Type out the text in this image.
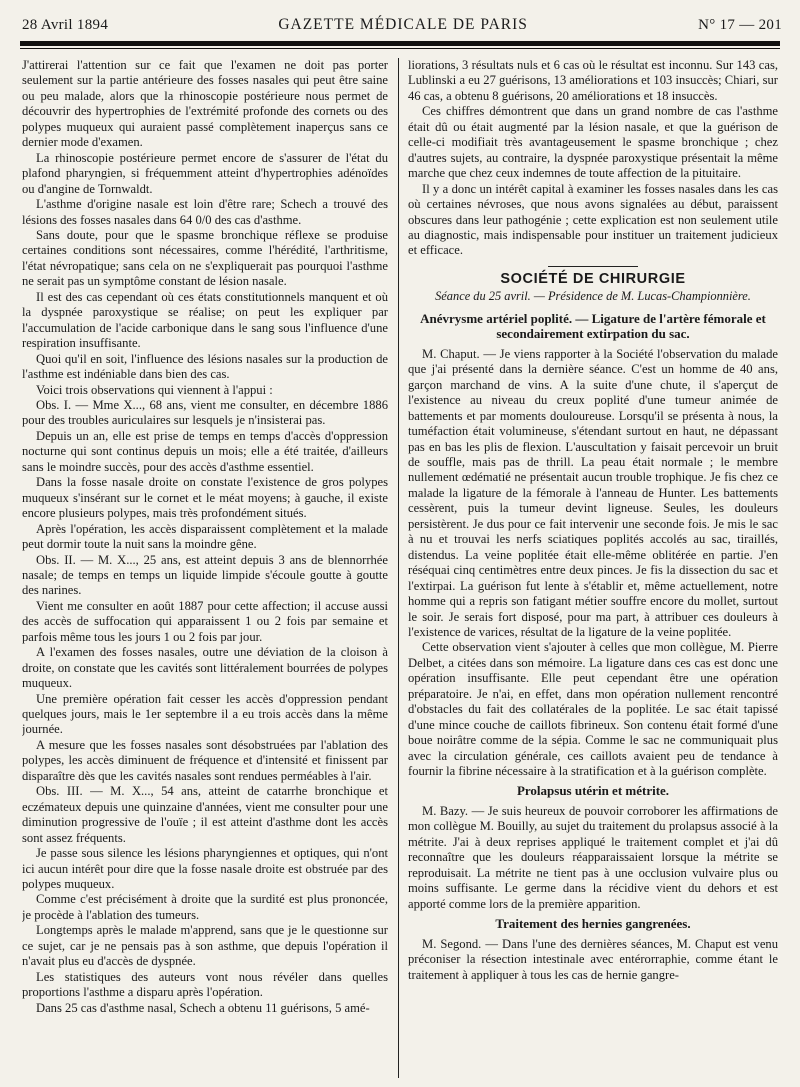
28 Avril 1894	GAZETTE MÉDICALE DE PARIS	N° 17 — 201

J'attirerai l'attention sur ce fait que l'examen ne doit pas porter seulement sur la partie antérieure des fosses nasales qui peut être saine ou peu malade, alors que la rhinoscopie postérieure nous permet de découvrir des hypertrophies de l'extrémité profonde des cornets ou des polypes muqueux qui auraient passé complètement inaperçus sans ce dernier mode d'examen.

La rhinoscopie postérieure permet encore de s'assurer de l'état du plafond pharyngien, si fréquemment atteint d'hypertrophies adénoïdes ou d'angine de Tornwaldt.

L'asthme d'origine nasale est loin d'être rare; Schech a trouvé des lésions des fosses nasales dans 64 0/0 des cas d'asthme.

Sans doute, pour que le spasme bronchique réflexe se produise certaines conditions sont nécessaires, comme l'hérédité, l'arthritisme, l'état névropatique; sans cela on ne s'expliquerait pas pourquoi l'asthme ne serait pas un symptôme constant de lésion nasale.

Il est des cas cependant où ces états constitutionnels manquent et où la dyspnée paroxystique se réalise; on peut les expliquer par l'accumulation de l'acide carbonique dans le sang sous l'influence d'une respiration insuffisante.

Quoi qu'il en soit, l'influence des lésions nasales sur la production de l'asthme est indéniable dans bien des cas.

Voici trois observations qui viennent à l'appui :

Obs. I. — Mme X..., 68 ans, vient me consulter, en décembre 1886 pour des troubles auriculaires sur lesquels je n'insisterai pas.

Depuis un an, elle est prise de temps en temps d'accès d'oppression nocturne qui sont continus depuis un mois; elle a été traitée, d'ailleurs sans le moindre succès, pour des accès d'asthme essentiel.

Dans la fosse nasale droite on constate l'existence de gros polypes muqueux s'insérant sur le cornet et le méat moyens; à gauche, il existe encore plusieurs polypes, mais très profondément situés.

Après l'opération, les accès disparaissent complètement et la malade peut dormir toute la nuit sans la moindre gêne.

Obs. II. — M. X..., 25 ans, est atteint depuis 3 ans de blennorrhée nasale; de temps en temps un liquide limpide s'écoule goutte à goutte des narines.

Vient me consulter en août 1887 pour cette affection; il accuse aussi des accès de suffocation qui apparaissent 1 ou 2 fois par semaine et parfois même tous les jours 1 ou 2 fois par jour.

A l'examen des fosses nasales, outre une déviation de la cloison à droite, on constate que les cavités sont littéralement bourrées de polypes muqueux.

Une première opération fait cesser les accès d'oppression pendant quelques jours, mais le 1er septembre il a eu trois accès dans la même journée.

A mesure que les fosses nasales sont désobstruées par l'ablation des polypes, les accès diminuent de fréquence et d'intensité et finissent par disparaître dès que les cavités nasales sont rendues perméables à l'air.

Obs. III. — M. X..., 54 ans, atteint de catarrhe bronchique et eczémateux depuis une quinzaine d'années, vient me consulter pour une diminution progressive de l'ouïe ; il est atteint d'asthme dont les accès sont assez fréquents.

Je passe sous silence les lésions pharyngiennes et optiques, qui n'ont ici aucun intérêt pour dire que la fosse nasale droite est obstruée par des polypes muqueux.

Comme c'est précisément à droite que la surdité est plus prononcée, je procède à l'ablation des tumeurs.

Longtemps après le malade m'apprend, sans que je le questionne sur ce sujet, car je ne pensais pas à son asthme, que depuis l'opération il n'avait plus eu d'accès de dyspnée.

Les statistiques des auteurs vont nous révéler dans quelles proportions l'asthme a disparu après l'opération.

Dans 25 cas d'asthme nasal, Schech a obtenu 11 guérisons, 5 amé-

liorations, 3 résultats nuls et 6 cas où le résultat est inconnu. Sur 143 cas, Lublinski a eu 27 guérisons, 13 améliorations et 103 insuccès; Chiari, sur 46 cas, a obtenu 8 guérisons, 20 améliorations et 18 insuccès.

Ces chiffres démontrent que dans un grand nombre de cas l'asthme était dû ou était augmenté par la lésion nasale, et que la guérison de celle-ci modifiait très avantageusement le spasme bronchique ; chez d'autres sujets, au contraire, la dyspnée paroxystique présentait la même marche que chez ceux indemnes de toute affection de la pituitaire.

Il y a donc un intérêt capital à examiner les fosses nasales dans les cas où certaines névroses, que nous avons signalées au début, paraissent obscures dans leur pathogénie ; cette explication est non seulement utile au diagnostic, mais indispensable pour instituer un traitement judicieux et efficace.

SOCIÉTÉ DE CHIRURGIE
Séance du 25 avril. — Présidence de M. Lucas-Championnière.
Anévrysme artériel poplité. — Ligature de l'artère fémorale et secondairement extirpation du sac.

M. Chaput. — Je viens rapporter à la Société l'observation du malade que j'ai présenté dans la dernière séance. C'est un homme de 40 ans, garçon marchand de vins. A la suite d'une chute, il s'aperçut de l'existence au niveau du creux poplité d'une tumeur animée de battements et par moments douloureuse. Lorsqu'il se présenta à nous, la tuméfaction était volumineuse, s'étendant surtout en haut, ne dépassant pas en bas les plis de flexion. L'auscultation y faisait percevoir un bruit de souffle, mais pas de thrill. La peau était normale ; le membre nullement œdématié ne présentait aucun trouble trophique. Je fis chez ce malade la ligature de la fémorale à l'anneau de Hunter. Les battements cessèrent, puis la tumeur devint ligneuse. Seules, les douleurs persistèrent. Je dus pour ce fait intervenir une seconde fois. Je mis le sac à nu et trouvai les nerfs sciatiques poplités accolés au sac, tiraillés, distendus. La veine poplitée était elle-même oblitérée en partie. J'en réséquai cinq centimètres entre deux pinces. Je fis la dissection du sac et l'extirpai. La guérison fut lente à s'établir et, même actuellement, notre homme qui a repris son fatigant métier souffre encore du mollet, surtout le soir. Je serais fort disposé, pour ma part, à attribuer ces douleurs à l'existence de varices, résultat de la ligature de la veine poplitée.

Cette observation vient s'ajouter à celles que mon collègue, M. Pierre Delbet, a citées dans son mémoire. La ligature dans ces cas est donc une opération insuffisante. Elle peut cependant être une opération préparatoire. Je n'ai, en effet, dans mon opération nullement rencontré d'obstacles du fait des collatérales de la poplitée. Le sac était tapissé d'une mince couche de caillots fibrineux. Son contenu était formé d'une boue noirâtre comme de la sépia. Comme le sac ne communiquait plus avec la circulation générale, ces caillots avaient peu de tendance à fournir la fibrine nécessaire à la stratification et à la guérison complète.

Prolapsus utérin et métrite.

M. Bazy. — Je suis heureux de pouvoir corroborer les affirmations de mon collègue M. Bouilly, au sujet du traitement du prolapsus associé à la métrite. J'ai à deux reprises appliqué le traitement complet et j'ai dû reconnaître que les douleurs réapparaissaient lorsque la métrite se reproduisait. La métrite ne tient pas à une occlusion vulvaire plus ou moins suffisante. Le germe dans la récidive vient du dehors et est apporté comme lors de la première apparition.

Traitement des hernies gangrenées.

M. Segond. — Dans l'une des dernières séances, M. Chaput est venu préconiser la résection intestinale avec entérorraphie, comme étant le traitement à appliquer à tous les cas de hernie gangre-
